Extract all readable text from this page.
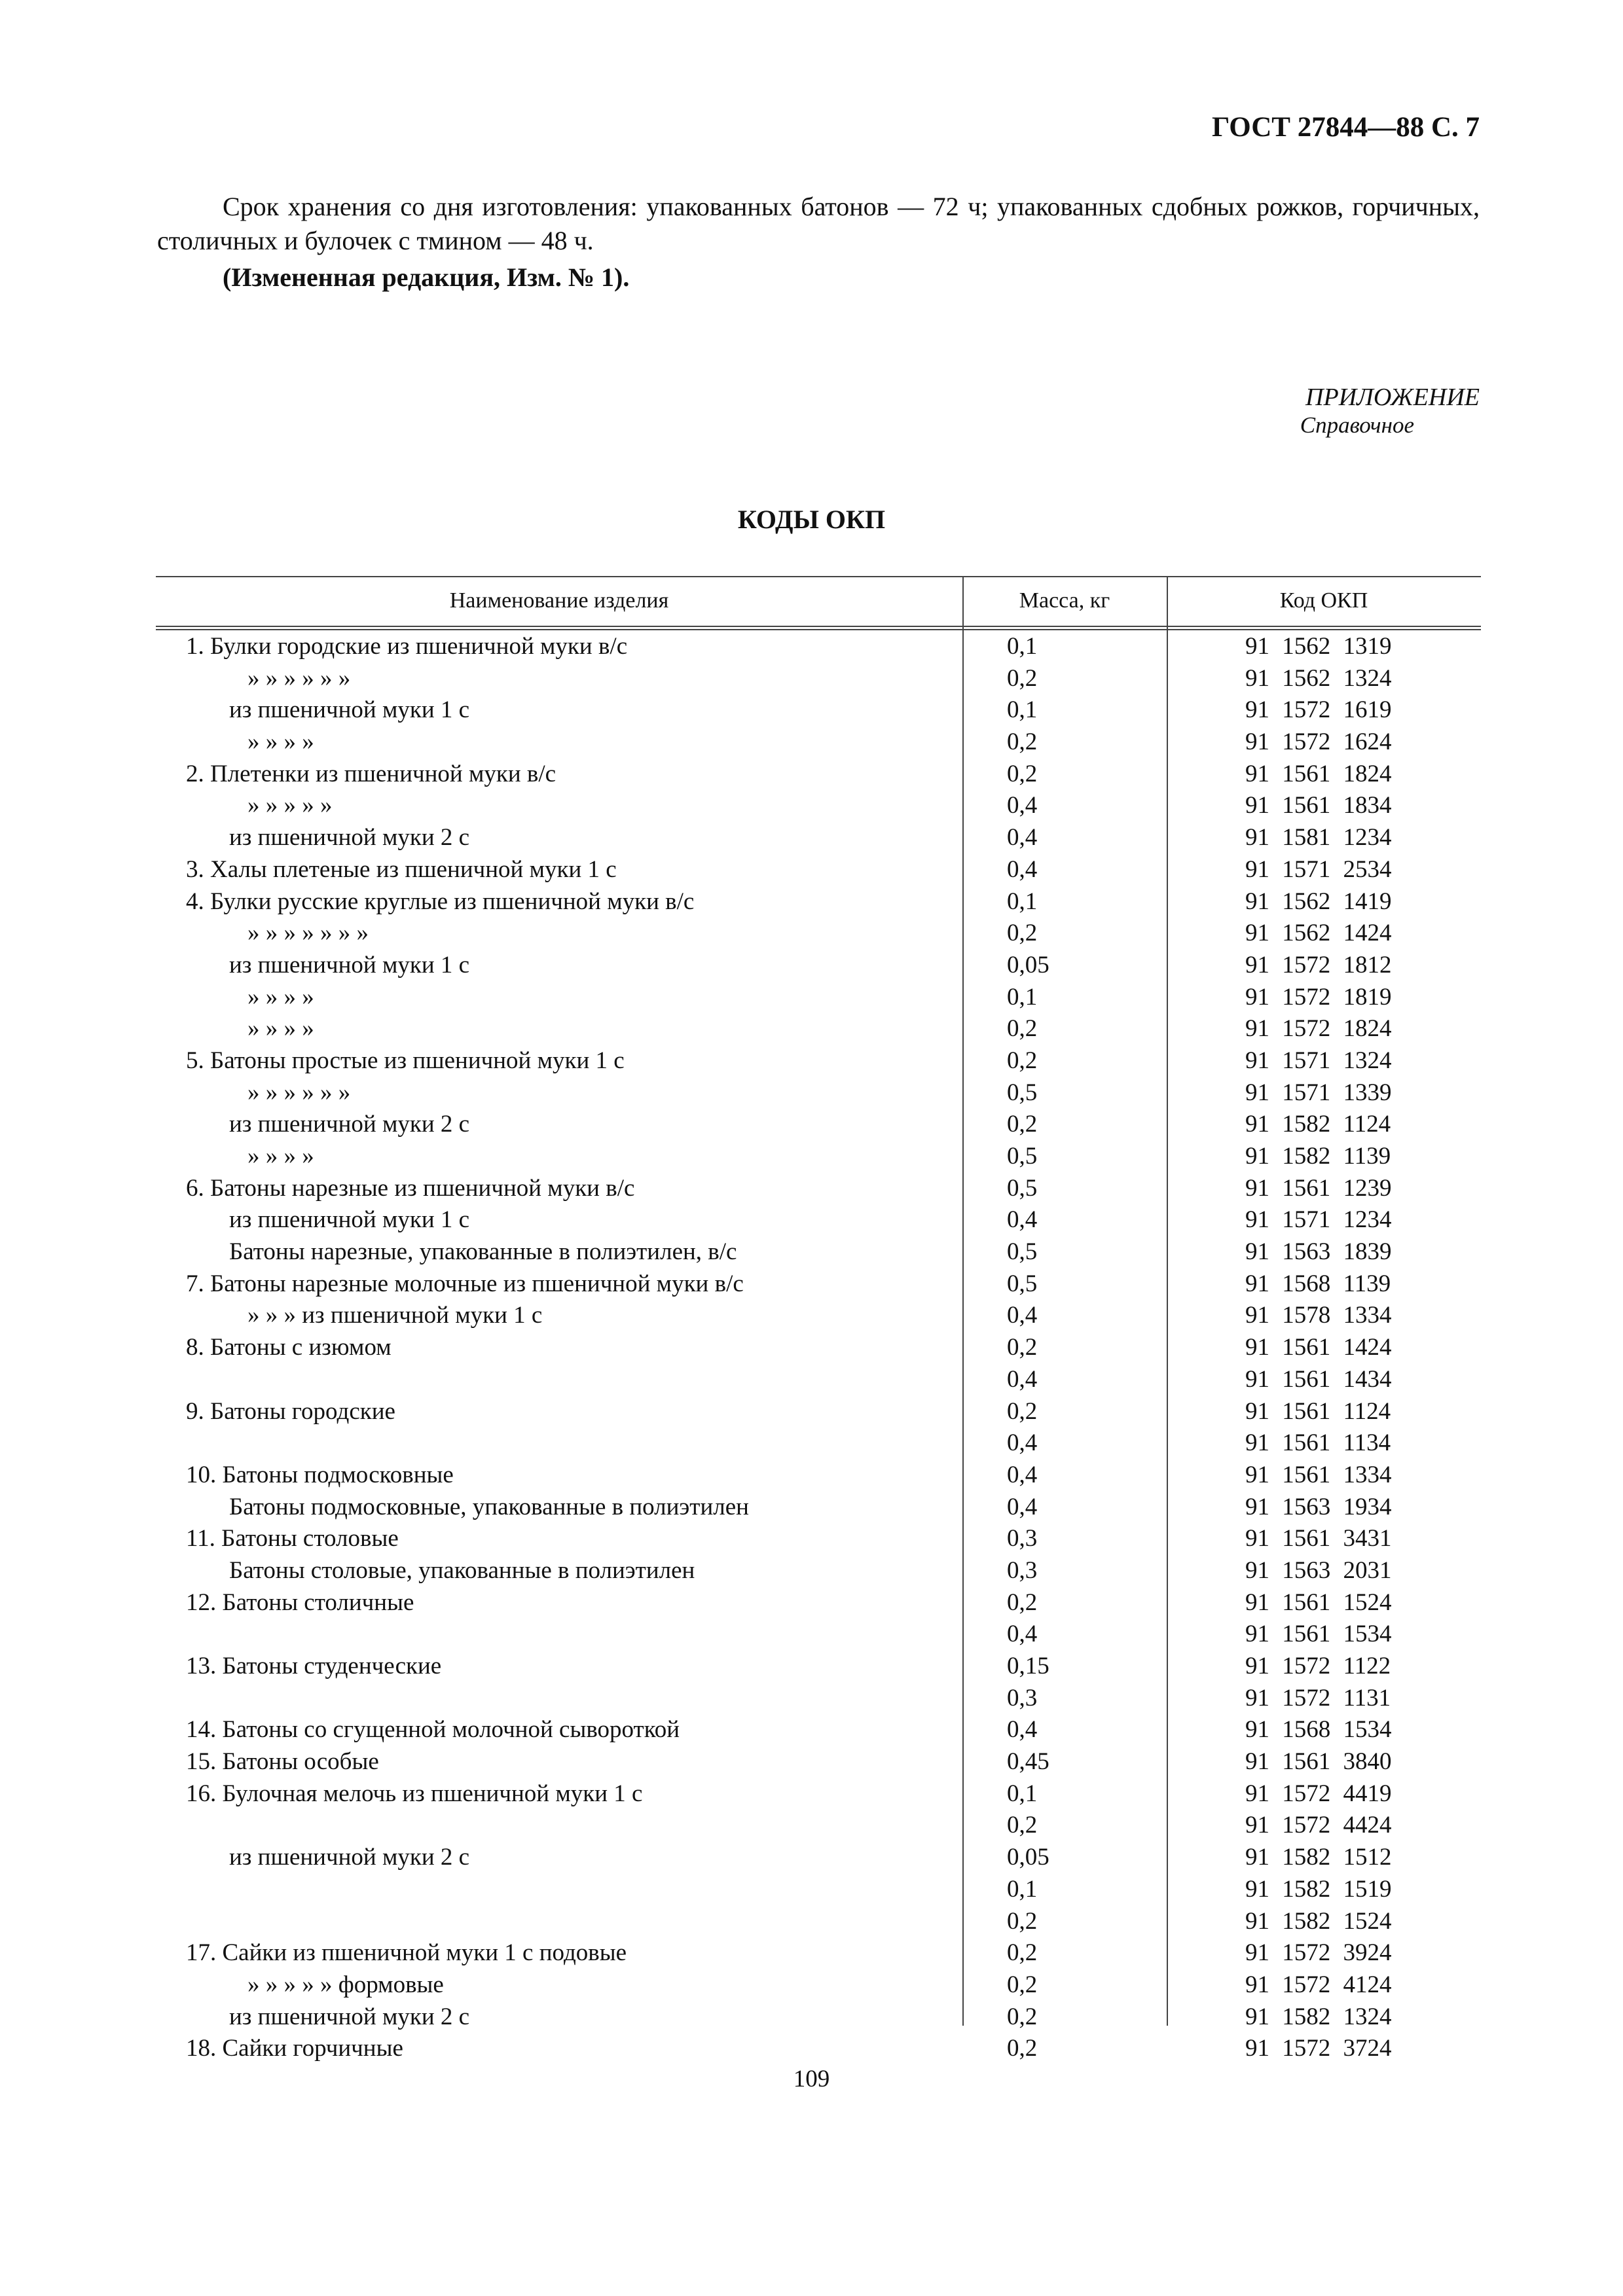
ГОСТ 27844—88 С. 7

Срок хранения со дня изготовления: упакованных батонов — 72 ч; упакованных сдобных рожков, горчичных, столичных и булочек с тмином — 48 ч.

(Измененная редакция, Изм. № 1).
ПРИЛОЖЕНИЕ
Справочное
КОДЫ ОКП
Наименование изделия	Масса, кг	Код ОКП
1. Булки городские из пшеничной муки в/с	0,1	91 1562 1319
» » » » » »	0,2	91 1562 1324
из пшеничной муки 1 с	0,1	91 1572 1619
» » » »	0,2	91 1572 1624
2. Плетенки из пшеничной муки в/с	0,2	91 1561 1824
» » » » »	0,4	91 1561 1834
из пшеничной муки 2 с	0,4	91 1581 1234
3. Халы плетеные из пшеничной муки 1 с	0,4	91 1571 2534
4. Булки русские круглые из пшеничной муки в/с	0,1	91 1562 1419
» » » » » » »	0,2	91 1562 1424
из пшеничной муки 1 с	0,05	91 1572 1812
» » » »	0,1	91 1572 1819
» » » »	0,2	91 1572 1824
5. Батоны простые из пшеничной муки 1 с	0,2	91 1571 1324
» » » » » »	0,5	91 1571 1339
из пшеничной муки 2 с	0,2	91 1582 1124
» » » »	0,5	91 1582 1139
6. Батоны нарезные из пшеничной муки в/с	0,5	91 1561 1239
из пшеничной муки 1 с	0,4	91 1571 1234
Батоны нарезные, упакованные в полиэтилен, в/с	0,5	91 1563 1839
7. Батоны нарезные молочные из пшеничной муки в/с	0,5	91 1568 1139
» » » из пшеничной муки 1 с	0,4	91 1578 1334
8. Батоны с изюмом	0,2	91 1561 1424
0,4	91 1561 1434
9. Батоны городские	0,2	91 1561 1124
0,4	91 1561 1134
10. Батоны подмосковные	0,4	91 1561 1334
Батоны подмосковные, упакованные в полиэтилен	0,4	91 1563 1934
11. Батоны столовые	0,3	91 1561 3431
Батоны столовые, упакованные в полиэтилен	0,3	91 1563 2031
12. Батоны столичные	0,2	91 1561 1524
0,4	91 1561 1534
13. Батоны студенческие	0,15	91 1572 1122
0,3	91 1572 1131
14. Батоны со сгущенной молочной сывороткой	0,4	91 1568 1534
15. Батоны особые	0,45	91 1561 3840
16. Булочная мелочь из пшеничной муки 1 с	0,1	91 1572 4419
0,2	91 1572 4424
из пшеничной муки 2 с	0,05	91 1582 1512
0,1	91 1582 1519
0,2	91 1582 1524
17. Сайки из пшеничной муки 1 с подовые	0,2	91 1572 3924
» » » » » формовые	0,2	91 1572 4124
из пшеничной муки 2 с	0,2	91 1582 1324
18. Сайки горчичные	0,2	91 1572 3724
109
